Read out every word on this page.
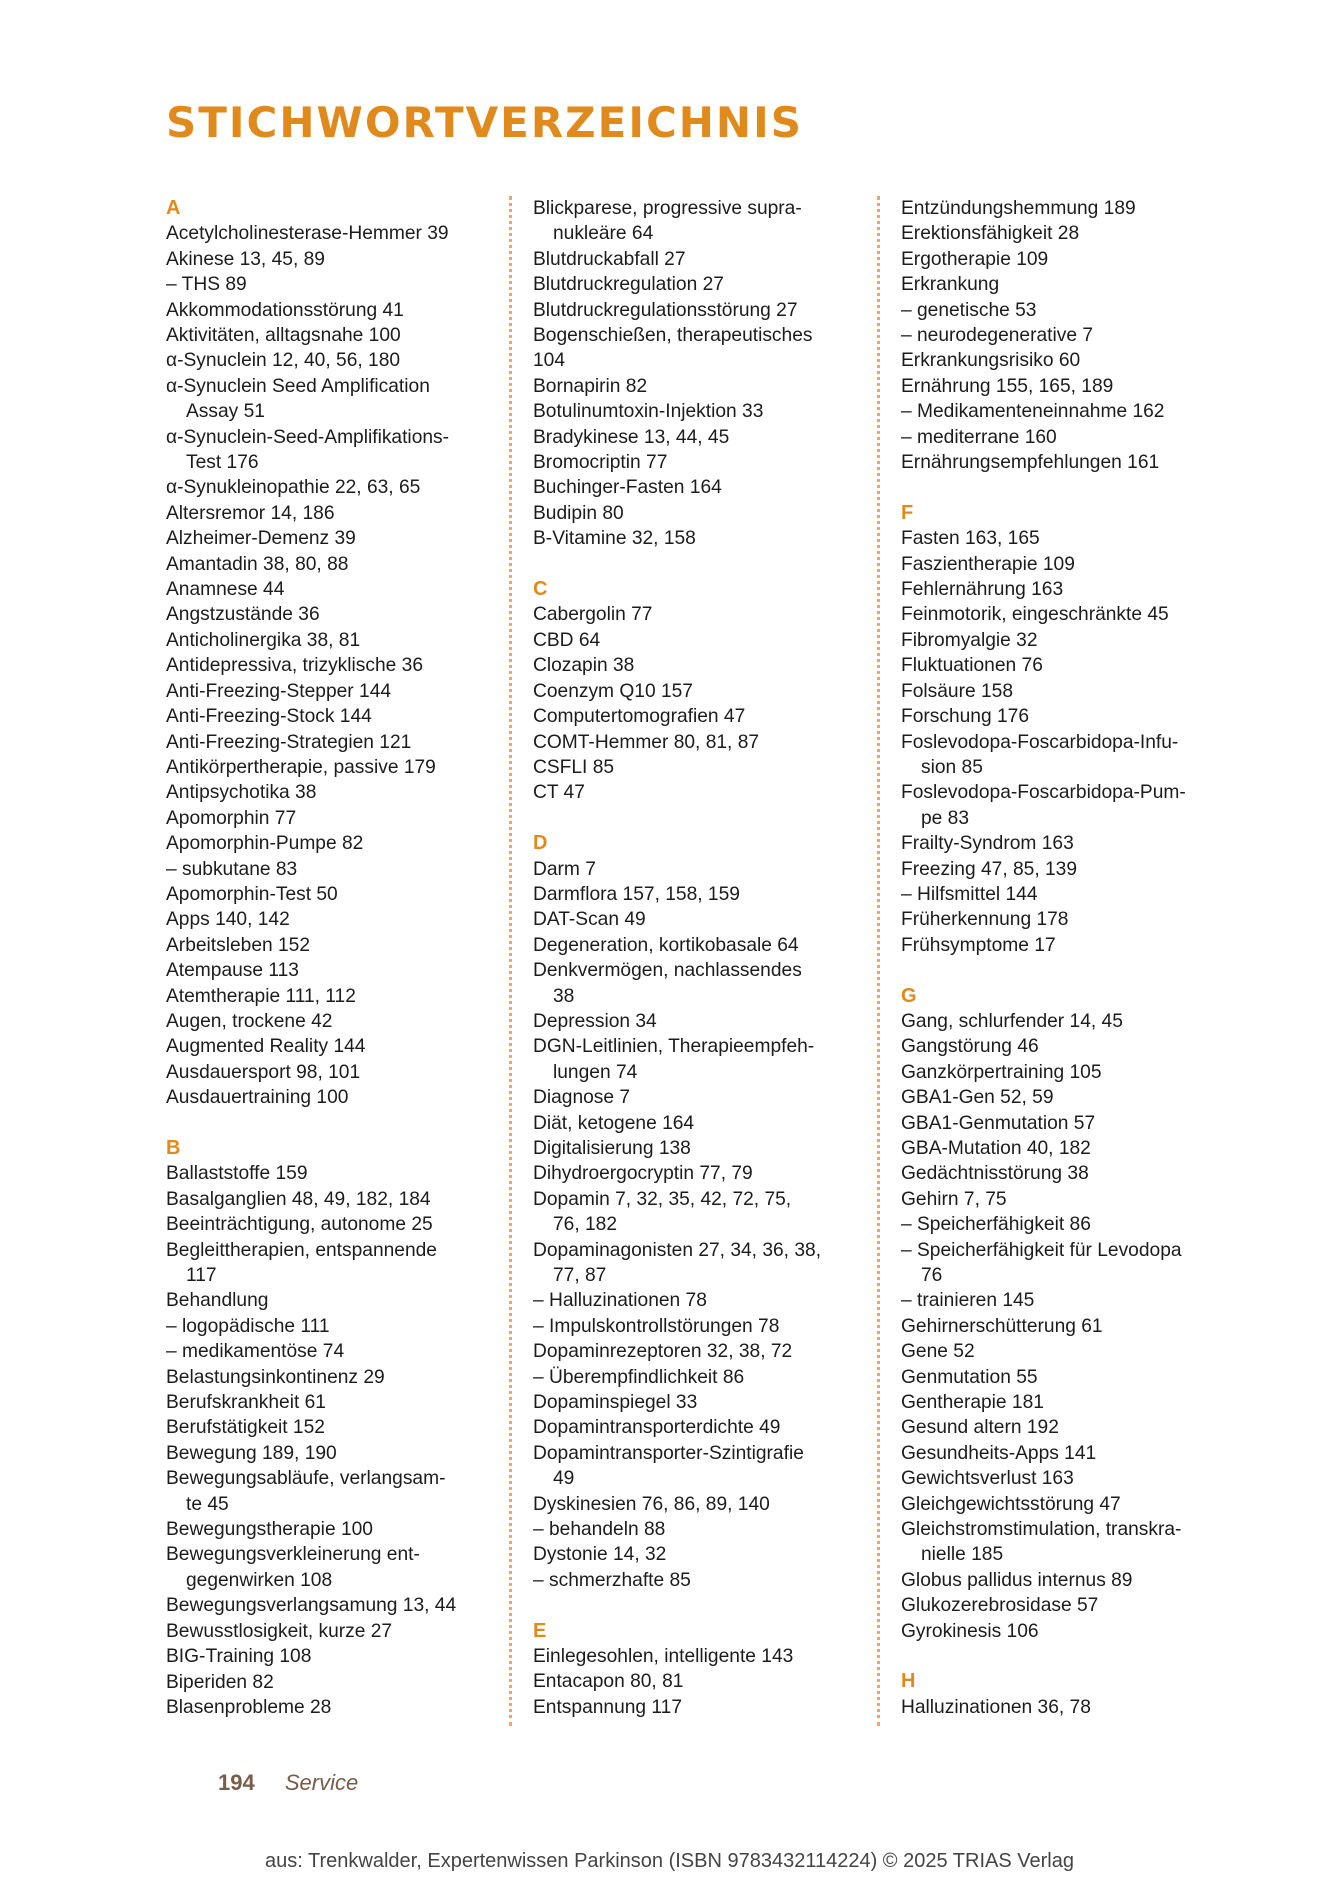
STICHWORTVERZEICHNIS
A
Acetylcholinesterase-Hemmer 39
Akinese 13, 45, 89
– THS 89
Akkommodationsstörung 41
Aktivitäten, alltagsnahe 100
α-Synuclein 12, 40, 56, 180
α-Synuclein Seed Amplification
Assay 51
α-Synuclein-Seed-Amplifikations-
Test 176
α-Synukleinopathie 22, 63, 65
Altersremor 14, 186
Alzheimer-Demenz 39
Amantadin 38, 80, 88
Anamnese 44
Angstzustände 36
Anticholinergika 38, 81
Antidepressiva, trizyklische 36
Anti-Freezing-Stepper 144
Anti-Freezing-Stock 144
Anti-Freezing-Strategien 121
Antikörpertherapie, passive 179
Antipsychotika 38
Apomorphin 77
Apomorphin-Pumpe 82
– subkutane 83
Apomorphin-Test 50
Apps 140, 142
Arbeitsleben 152
Atempause 113
Atemtherapie 111, 112
Augen, trockene 42
Augmented Reality 144
Ausdauersport 98, 101
Ausdauertraining 100
B
Ballaststoffe 159
Basalganglien 48, 49, 182, 184
Beeinträchtigung, autonome 25
Begleittherapien, entspannende
117
Behandlung
– logopädische 111
– medikamentöse 74
Belastungsinkontinenz 29
Berufskrankheit 61
Berufstätigkeit 152
Bewegung 189, 190
Bewegungsabläufe, verlangsam-
te 45
Bewegungstherapie 100
Bewegungsverkleinerung ent-
gegenwirken 108
Bewegungsverlangsamung 13, 44
Bewusstlosigkeit, kurze 27
BIG-Training 108
Biperiden 82
Blasenprobleme 28
Blickparese, progressive supra-
nukleäre 64
Blutdruckabfall 27
Blutdruckregulation 27
Blutdruckregulationsstörung 27
Bogenschießen, therapeutisches
104
Bornapirin 82
Botulinumtoxin-Injektion 33
Bradykinese 13, 44, 45
Bromocriptin 77
Buchinger-Fasten 164
Budipin 80
B-Vitamine 32, 158
C
Cabergolin 77
CBD 64
Clozapin 38
Coenzym Q10 157
Computertomografien 47
COMT-Hemmer 80, 81, 87
CSFLI 85
CT 47
D
Darm 7
Darmflora 157, 158, 159
DAT-Scan 49
Degeneration, kortikobasale 64
Denkvermögen, nachlassendes
38
Depression 34
DGN-Leitlinien, Therapieempfeh-
lungen 74
Diagnose 7
Diät, ketogene 164
Digitalisierung 138
Dihydroergocryptin 77, 79
Dopamin 7, 32, 35, 42, 72, 75,
76, 182
Dopaminagonisten 27, 34, 36, 38,
77, 87
– Halluzinationen 78
– Impulskontrollstörungen 78
Dopaminrezeptoren 32, 38, 72
– Überempfindlichkeit 86
Dopaminspiegel 33
Dopamintransporterdichte 49
Dopamintransporter-Szintigrafie
49
Dyskinesien 76, 86, 89, 140
– behandeln 88
Dystonie 14, 32
– schmerzhafte 85
E
Einlegesohlen, intelligente 143
Entacapon 80, 81
Entspannung 117
Entzündungshemmung 189
Erektionsfähigkeit 28
Ergotherapie 109
Erkrankung
– genetische 53
– neurodegenerative 7
Erkrankungsrisiko 60
Ernährung 155, 165, 189
– Medikamenteneinnahme 162
– mediterrane 160
Ernährungsempfehlungen 161
F
Fasten 163, 165
Faszientherapie 109
Fehlernährung 163
Feinmotorik, eingeschränkte 45
Fibromyalgie 32
Fluktuationen 76
Folsäure 158
Forschung 176
Foslevodopa-Foscarbidopa-Infu-
sion 85
Foslevodopa-Foscarbidopa-Pum-
pe 83
Frailty-Syndrom 163
Freezing 47, 85, 139
– Hilfsmittel 144
Früherkennung 178
Frühsymptome 17
G
Gang, schlurfender 14, 45
Gangstörung 46
Ganzkörpertraining 105
GBA1-Gen 52, 59
GBA1-Genmutation 57
GBA-Mutation 40, 182
Gedächtnisstörung 38
Gehirn 7, 75
– Speicherfähigkeit 86
– Speicherfähigkeit für Levodopa
76
– trainieren 145
Gehirnerschütterung 61
Gene 52
Genmutation 55
Gentherapie 181
Gesund altern 192
Gesundheits-Apps 141
Gewichtsverlust 163
Gleichgewichtsstörung 47
Gleichstromstimulation, transkra-
nielle 185
Globus pallidus internus 89
Glukozerebrosidase 57
Gyrokinesis 106
H
Halluzinationen 36, 78
194 Service
aus: Trenkwalder, Expertenwissen Parkinson (ISBN 9783432114224) © 2025 TRIAS Verlag
